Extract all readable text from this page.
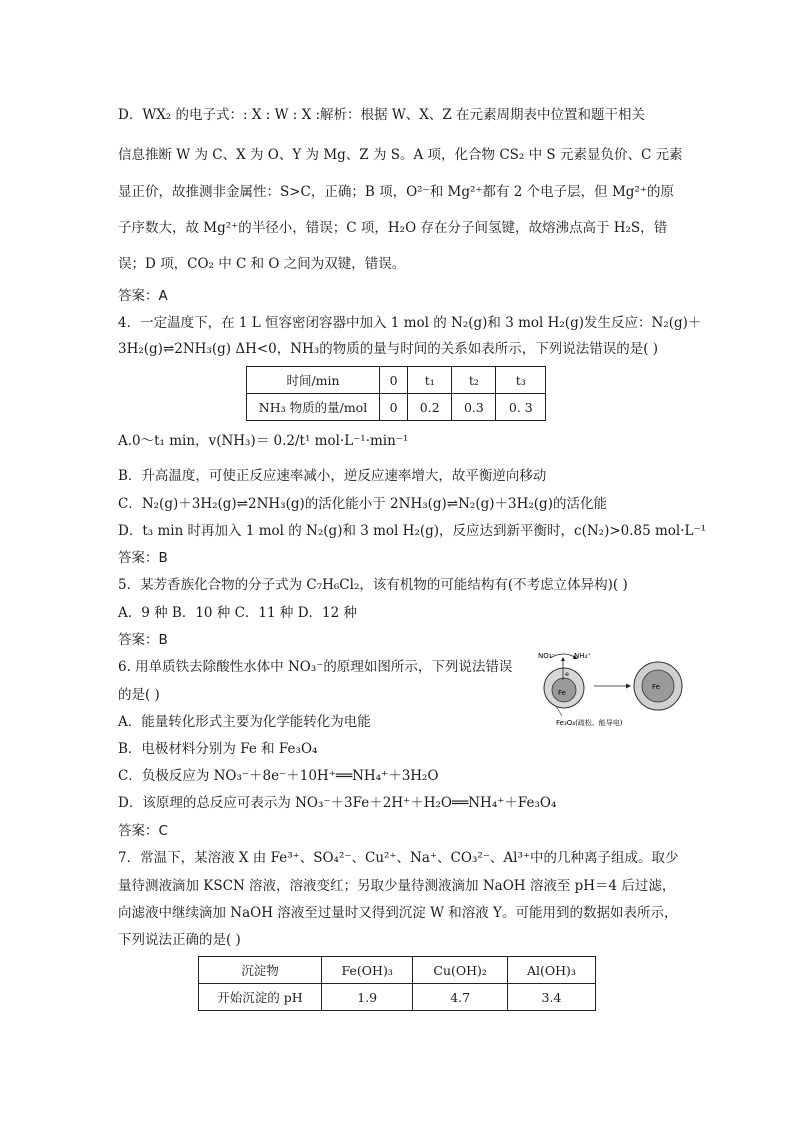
D．WX₂ 的电子式：: X : W : X :解析：根据 W、X、Z 在元素周期表中位置和题干相关
信息推断 W 为 C、X 为 O、Y 为 Mg、Z 为 S。A 项，化合物 CS₂ 中 S 元素显负价、C 元素
显正价，故推测非金属性：S>C，正确；B 项，O²⁻和 Mg²⁺都有 2 个电子层，但 Mg²⁺的原
子序数大，故 Mg²⁺的半径小，错误；C 项，H₂O 存在分子间氢键，故熔沸点高于 H₂S，错
误；D 项，CO₂ 中 C 和 O 之间为双键，错误。
答案：A
4．一定温度下，在 1 L 恒容密闭容器中加入 1 mol 的 N₂(g)和 3 mol H₂(g)发生反应：N₂(g)＋
3H₂(g)⇌2NH₃(g) ΔH<0，NH₃的物质的量与时间的关系如表所示，下列说法错误的是( )
时间/min	0	t₁	t₂	t₃
NH₃ 物质的量/mol	0	0.2	0.3	0. 3
A.0～t₁ min，v(NH₃)＝ 0.2/t¹ mol·L⁻¹·min⁻¹
B．升高温度，可使正反应速率减小，逆反应速率增大，故平衡逆向移动
C．N₂(g)＋3H₂(g)⇌2NH₃(g)的活化能小于 2NH₃(g)⇌N₂(g)＋3H₂(g)的活化能
D．t₃ min 时再加入 1 mol 的 N₂(g)和 3 mol H₂(g)，反应达到新平衡时，c(N₂)>0.85 mol·L⁻¹
答案：B
5．某芳香族化合物的分子式为 C₇H₆Cl₂，该有机物的可能结构有(不考虑立体异构)( )
A．9 种 B．10 种 C．11 种 D．12 种
答案：B
6. 用单质铁去除酸性水体中 NO₃⁻的原理如图所示，下列说法错误
的是( )
A．能量转化形式主要为化学能转化为电能
B．电极材料分别为 Fe 和 Fe₃O₄
C．负极反应为 NO₃⁻＋8e⁻＋10H⁺══NH₄⁺＋3H₂O
D．该原理的总反应可表示为 NO₃⁻＋3Fe＋2H⁺＋H₂O══NH₄⁺＋Fe₃O₄
答案：C
NO₃⁻	NH₄⁺
e
Fe
Fe
Fe₃O₄(疏松、能导电)
7．常温下，某溶液 X 由 Fe³⁺、SO₄²⁻、Cu²⁺、Na⁺、CO₃²⁻、Al³⁺中的几种离子组成。取少
量待测液滴加 KSCN 溶液，溶液变红；另取少量待测液滴加 NaOH 溶液至 pH＝4 后过滤，
向滤液中继续滴加 NaOH 溶液至过量时又得到沉淀 W 和溶液 Y。可能用到的数据如表所示，
下列说法正确的是( )
沉淀物	Fe(OH)₃	Cu(OH)₂	Al(OH)₃
开始沉淀的 pH	1.9	4.7	3.4
